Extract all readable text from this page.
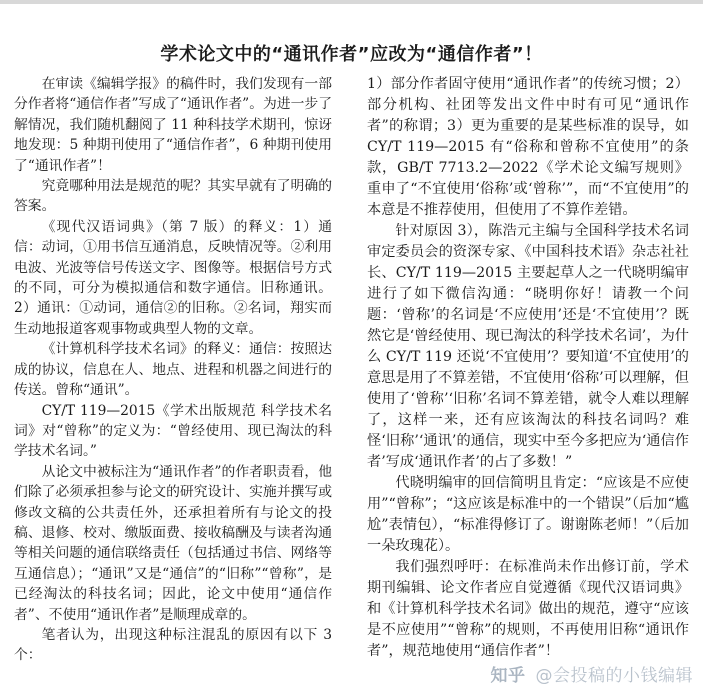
学术论文中的“通讯作者”应改为“通信作者”！

在审读《编辑学报》的稿件时，我们发现有一部分作者将“通信作者”写成了“通讯作者”。为进一步了解情况，我们随机翻阅了 11 种科技学术期刊，惊讶地发现：5 种期刊使用了“通信作者”，6 种期刊使用了“通讯作者”！

究竟哪种用法是规范的呢？其实早就有了明确的答案。

《现代汉语词典》（第 7 版）的释义：1）通信：动词，①用书信互通消息，反映情况等。②利用电波、光波等信号传送文字、图像等。根据信号方式的不同，可分为模拟通信和数字通信。旧称通讯。2）通讯：①动词，通信②的旧称。②名词，翔实而生动地报道客观事物或典型人物的文章。

《计算机科学技术名词》的释义：通信：按照达成的协议，信息在人、地点、进程和机器之间进行的传送。曾称“通讯”。

CY/T 119—2015《学术出版规范 科学技术名词》对“曾称”的定义为：“曾经使用、现已淘汰的科学技术名词。”

从论文中被标注为“通讯作者”的作者职责看，他们除了必须承担参与论文的研究设计、实施并撰写或修改文稿的公共责任外，还承担着所有与论文的投稿、退修、校对、缴版面费、接收稿酬及与读者沟通等相关问题的通信联络责任（包括通过书信、网络等互通信息）；“通讯”又是“通信”的“旧称”“曾称”，是已经淘汰的科技名词；因此，论文中使用“通信作者”、不使用“通讯作者”是顺理成章的。

笔者认为，出现这种标注混乱的原因有以下 3 个：

1）部分作者固守使用“通讯作者”的传统习惯；2）部分机构、社团等发出文件中时有可见“通讯作者”的称谓；3）更为重要的是某些标准的误导，如 CY/T 119—2015 有“俗称和曾称不宜使用”的条款，GB/T 7713.2—2022《学术论文编写规则》重申了“不宜使用‘俗称’或‘曾称’”，而“不宜使用”的本意是不推荐使用，但使用了不算作差错。

针对原因 3），陈浩元主编与全国科学技术名词审定委员会的资深专家、《中国科技术语》杂志社社长、CY/T 119—2015 主要起草人之一代晓明编审进行了如下微信沟通：“晓明你好！请教一个问题：‘曾称’的名词是‘不应使用’还是‘不宜使用’？既然它是‘曾经使用、现已淘汰的科学技术名词’，为什么 CY/T 119 还说‘不宜使用’？要知道‘不宜使用’的意思是用了不算差错，不宜使用‘俗称’可以理解，但使用了‘曾称’‘旧称’名词不算差错，就令人难以理解了，这样一来，还有应该淘汰的科技名词吗？难怪‘旧称’‘通讯’的通信，现实中至今多把应为‘通信作者’写成‘通讯作者’的占了多数！”

代晓明编审的回信简明且肯定：“应该是不应使用”“曾称”；“这应该是标准中的一个错误”（后加“尴尬”表情包），“标准得修订了。谢谢陈老师！”（后加一朵玫瑰花）。

我们强烈呼吁：在标准尚未作出修订前，学术期刊编辑、论文作者应自觉遵循《现代汉语词典》和《计算机科学技术名词》做出的规范，遵守“应该是不应使用”“曾称”的规则，不再使用旧称“通讯作者”，规范地使用“通信作者”！

知乎 @会投稿的小钱编辑
